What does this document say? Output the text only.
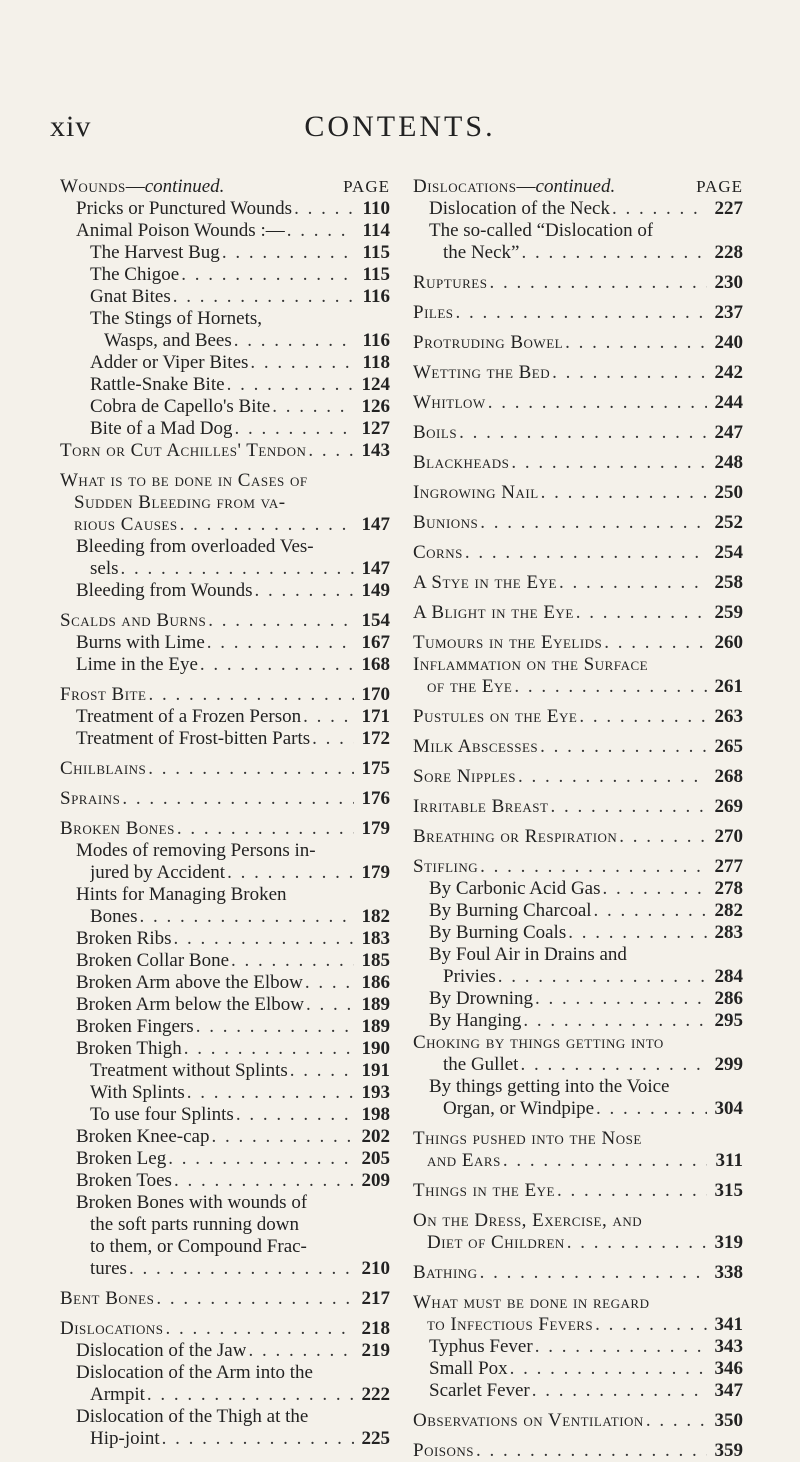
xiv	CONTENTS.
Wounds—continued.	PAGE
Pricks or Punctured Wounds . . .	110
Animal Poison Wounds :— . . .	114
The Harvest Bug . . .	115
The Chigoe . . .	115
Gnat Bites . . .	116
The Stings of Hornets,
Wasps, and Bees . . .	116
Adder or Viper Bites . . .	118
Rattle-Snake Bite . . .	124
Cobra de Capello's Bite . . .	126
Bite of a Mad Dog . . .	127
Torn or Cut Achilles' Tendon . . .	143
What is to be done in Cases of
Sudden Bleeding from va-
rious Causes . . .	147
Bleeding from overloaded Ves-
sels . . .	147
Bleeding from Wounds . . .	149
Scalds and Burns . . .	154
Burns with Lime . . .	167
Lime in the Eye . . .	168
Frost Bite . . .	170
Treatment of a Frozen Person . . .	171
Treatment of Frost-bitten Parts . . .	172
Chilblains . . .	175
Sprains . . .	176
Broken Bones . . .	179
Modes of removing Persons in-
jured by Accident . . .	179
Hints for Managing Broken
Bones . . .	182
Broken Ribs . . .	183
Broken Collar Bone . . .	185
Broken Arm above the Elbow . . .	186
Broken Arm below the Elbow . . .	189
Broken Fingers . . .	189
Broken Thigh . . .	190
Treatment without Splints . . .	191
With Splints . . .	193
To use four Splints . . .	198
Broken Knee-cap . . .	202
Broken Leg . . .	205
Broken Toes . . .	209
Broken Bones with wounds of
the soft parts running down
to them, or Compound Frac-
tures . . .	210
Bent Bones . . .	217
Dislocations . . .	218
Dislocation of the Jaw . . .	219
Dislocation of the Arm into the
Armpit . . .	222
Dislocation of the Thigh at the
Hip-joint . . .	225
Dislocations—continued.	PAGE
Dislocation of the Neck . . .	227
The so-called “Dislocation of
the Neck” . . .	228
Ruptures . . .	230
Piles . . .	237
Protruding Bowel . . .	240
Wetting the Bed . . .	242
Whitlow . . .	244
Boils . . .	247
Blackheads . . .	248
Ingrowing Nail . . .	250
Bunions . . .	252
Corns . . .	254
A Stye in the Eye . . .	258
A Blight in the Eye . . .	259
Tumours in the Eyelids . . .	260
Inflammation on the Surface
of the Eye . . .	261
Pustules on the Eye . . .	263
Milk Abscesses . . .	265
Sore Nipples . . .	268
Irritable Breast . . .	269
Breathing or Respiration . . .	270
Stifling . . .	277
By Carbonic Acid Gas . . .	278
By Burning Charcoal . . .	282
By Burning Coals . . .	283
By Foul Air in Drains and
Privies . . .	284
By Drowning . . .	286
By Hanging . . .	295
Choking by things getting into
the Gullet . . .	299
By things getting into the Voice
Organ, or Windpipe . . .	304
Things pushed into the Nose
and Ears . . .	311
Things in the Eye . . .	315
On the Dress, Exercise, and
Diet of Children . . .	319
Bathing . . .	338
What must be done in regard
to Infectious Fevers . . .	341
Typhus Fever . . .	343
Small Pox . . .	346
Scarlet Fever . . .	347
Observations on Ventilation . . .	350
Poisons . . .	359
